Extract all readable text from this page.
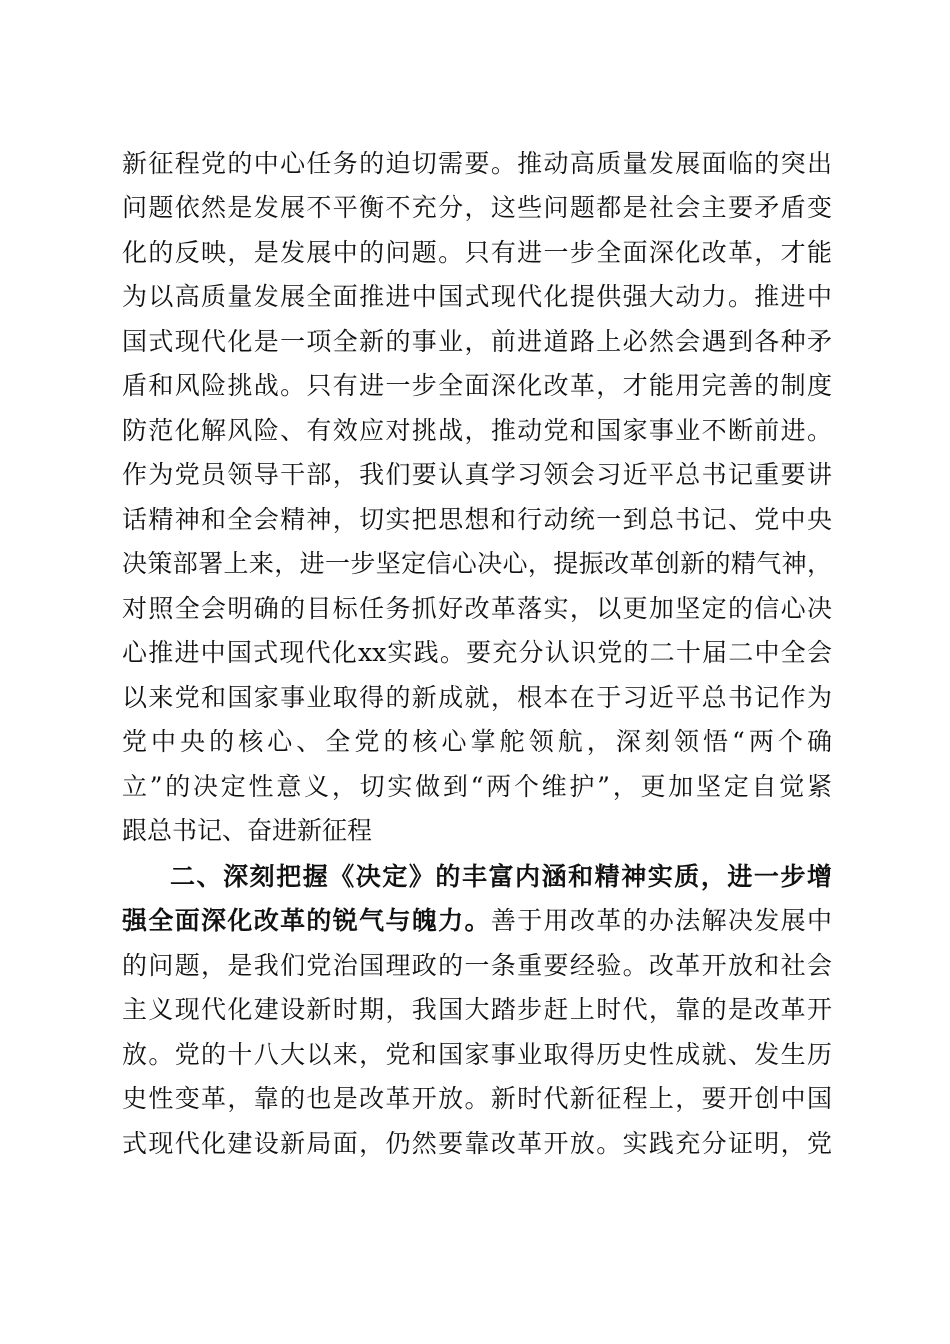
新征程党的中心任务的迫切需要。推动高质量发展面临的突出
问题依然是发展不平衡不充分，这些问题都是社会主要矛盾变
化的反映，是发展中的问题。只有进一步全面深化改革，才能
为以高质量发展全面推进中国式现代化提供强大动力。推进中
国式现代化是一项全新的事业，前进道路上必然会遇到各种矛
盾和风险挑战。只有进一步全面深化改革，才能用完善的制度
防范化解风险、有效应对挑战，推动党和国家事业不断前进。
作为党员领导干部，我们要认真学习领会习近平总书记重要讲
话精神和全会精神，切实把思想和行动统一到总书记、党中央
决策部署上来，进一步坚定信心决心，提振改革创新的精气神，
对照全会明确的目标任务抓好改革落实，以更加坚定的信心决
心推进中国式现代化xx实践。要充分认识党的二十届二中全会
以来党和国家事业取得的新成就，根本在于习近平总书记作为
党中央的核心、全党的核心掌舵领航，深刻领悟“两个确
立”的决定性意义，切实做到“两个维护”，更加坚定自觉紧
跟总书记、奋进新征程
二、深刻把握《决定》的丰富内涵和精神实质，进一步增
强全面深化改革的锐气与魄力。善于用改革的办法解决发展中
的问题，是我们党治国理政的一条重要经验。改革开放和社会
主义现代化建设新时期，我国大踏步赶上时代，靠的是改革开
放。党的十八大以来，党和国家事业取得历史性成就、发生历
史性变革，靠的也是改革开放。新时代新征程上，要开创中国
式现代化建设新局面，仍然要靠改革开放。实践充分证明，党
